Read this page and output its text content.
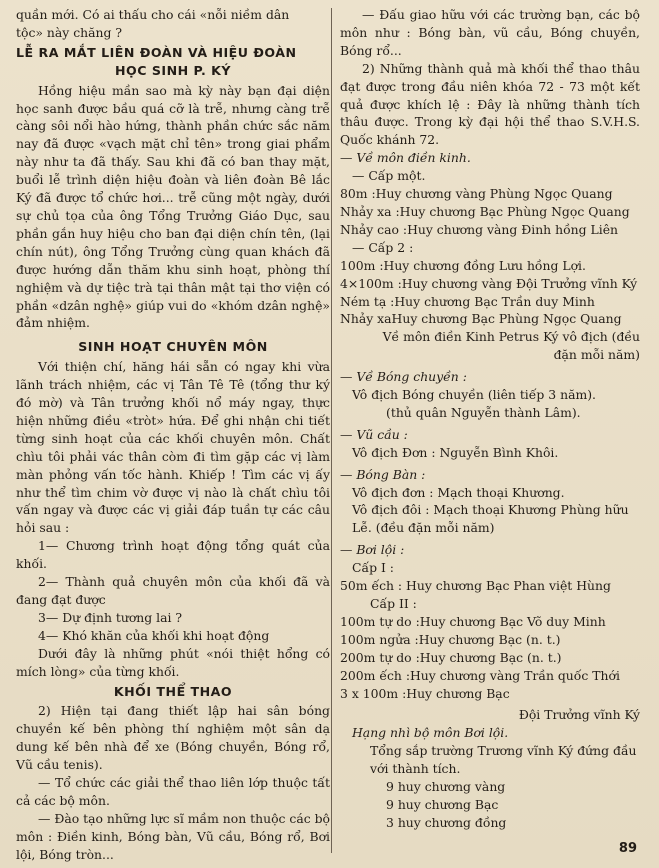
quần mới. Có ai thấu cho cái «nỗi niềm dân

tộc» này chăng ?

LỄ RA MẮT LIÊN ĐOÀN VÀ HIỆU ĐOÀN

HỌC SINH P. KÝ

Hồng hiệu mần sao mà kỳ này bạn đại diện học sanh được bầu quá cỡ là trễ, nhưng càng trễ càng sôi nổi hào hứng, thành phần chức sắc năm nay đã được «vạch mặt chỉ tên» trong giai phẩm này như ta đã thấy. Sau khi đã có ban thay mặt, buổi lễ trình diện hiệu đoàn và liên đoàn Bê lắc Ký đã được tổ chức hơi... trễ cũng một ngày, dưới sự chủ tọa của ông Tổng Trưởng Giáo Dục, sau phần gắn huy hiệu cho ban đại diện chín tên, (lại chín nút), ông Tổng Trưởng cùng quan khách đã được hướng dẫn thăm khu sinh hoạt, phòng thí nghiệm và dự tiệc trà tại thân mật tại thơ viện có phần «dzân nghệ» giúp vui do «khóm dzân nghệ» đảm nhiệm.

SINH HOẠT CHUYÊN MÔN

Với thiện chí, hăng hái sẵn có ngay khi vừa lãnh trách nhiệm, các vị Tân Tê Tê (tổng thư ký đó mờ) và Tân trưởng khối nổ máy ngay, thực hiện những điều «tròt» hứa. Để ghi nhận chi tiết từng sinh hoạt của các khối chuyên môn. Chất chìu tôi phải vác thân còm đi tìm gặp các vị làm màn phỏng vấn tốc hành. Khiếp ! Tìm các vị ấy như thể tìm chim vờ được vị nào là chất chìu tôi vấn ngay và được các vị giải đáp tuần tự các câu hỏi sau :

1— Chương trình hoạt động tổng quát của khối.

2— Thành quả chuyên môn của khối đã và đang đạt được

3— Dự định tương lai ?

4— Khó khăn của khối khi hoạt động

Dưới đây là những phút «nói thiệt hổng có mích lòng» của từng khối.

KHỐI THỂ THAO

2) Hiện tại đang thiết lập hai sân bóng chuyền kế bên phòng thí nghiệm một sân dạ dung kế bên nhà để xe (Bóng chuyền, Bóng rổ, Vũ cầu tenis).

— Tổ chức các giải thể thao liên lớp thuộc tất cả các bộ môn.

— Đào tạo những lực sĩ mầm non thuộc các bộ môn : Điền kinh, Bóng bàn, Vũ cầu, Bóng rổ, Bơi lội, Bóng tròn...

— Đấu giao hữu với các trường bạn, các bộ môn như : Bóng bàn, vũ cầu, Bóng chuyền, Bóng rổ...

2) Những thành quả mà khối thể thao thâu đạt được trong đầu niên khóa 72 - 73 một kết quả được khích lệ : Đây là những thành tích thâu được. Trong kỳ đại hội thể thao S.V.H.S. Quốc khánh 72.

— Về môn điền kinh.

— Cấp một.

80m : Huy chương vàng Phùng Ngọc Quang
Nhảy xa : Huy chương Bạc Phùng Ngọc Quang
Nhảy cao : Huy chương vàng Đinh hồng Liên

— Cấp 2 :

100m : Huy chương đồng Lưu hồng Lợi.
4×100m : Huy chương vàng Đội Trưởng vĩnh Ký
Ném tạ : Huy chương Bạc Trần duy Minh
Nhảy xa Huy chương Bạc Phùng Ngọc Quang

Về môn điền Kinh Petrus Ký vô địch (đều đặn mỗi năm)

— Về Bóng chuyền :

Vô địch Bóng chuyền (liên tiếp 3 năm).

(thủ quân Nguyễn thành Lâm).

— Vũ cầu :

Vô địch Đơn : Nguyễn Bình Khôi.

— Bóng Bàn :

Vô địch đơn : Mạch thoại Khương.

Vô địch đôi : Mạch thoại Khương Phùng hữu Lễ. (đều đặn mỗi năm)

— Bơi lội :

Cấp I :

50m ếch : Huy chương Bạc Phan việt Hùng

Cấp II :

100m tự do : Huy chương Bạc Võ duy Minh
100m ngửa : Huy chương Bạc (n. t.)
200m tự do : Huy chương Bạc (n. t.)
200m ếch : Huy chương vàng Trần quốc Thới
3 x 100m : Huy chương Bạc

Đội Trưởng vĩnh Ký

Hạng nhì bộ môn Bơi lội.

Tổng sắp trường Trương vĩnh Ký đứng đầu với thành tích.

9 huy chương vàng

9 huy chương Bạc

3 huy chương đồng

89
